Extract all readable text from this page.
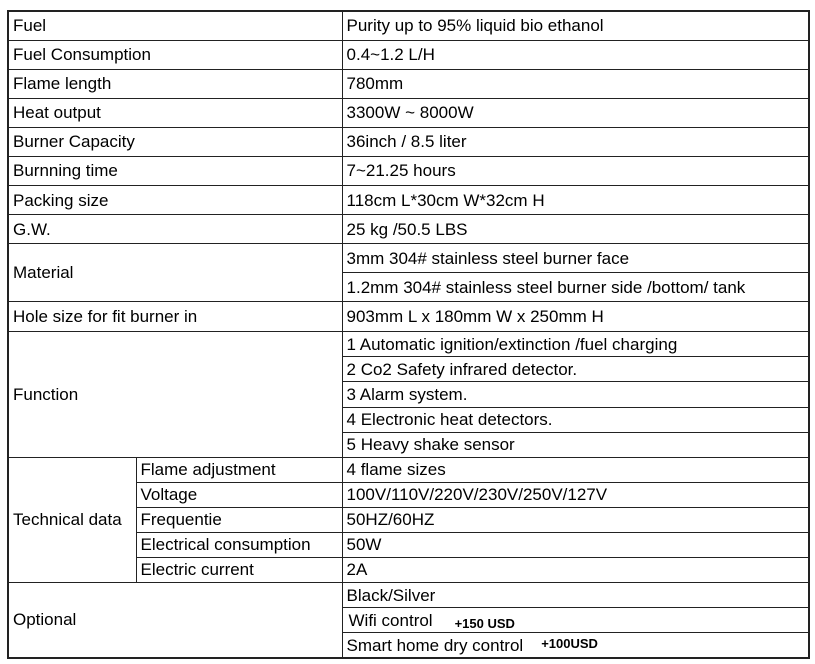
Fuel		Purity up to 95% liquid bio ethanol
Fuel Consumption		0.4~1.2 L/H
Flame length		780mm
Heat output		3300W ~ 8000W
Burner Capacity		36inch / 8.5 liter
Burnning time		7~21.25 hours
Packing size		118cm L*30cm W*32cm H
G.W.		25 kg /50.5 LBS
Material		3mm 304# stainless steel burner face
		1.2mm 304# stainless steel burner side /bottom/ tank
Hole size for fit burner in		903mm L x 180mm W x 250mm H
Function		1 Automatic ignition/extinction /fuel charging
		2 Co2 Safety infrared detector.
		3 Alarm system.
		4 Electronic heat detectors.
		5 Heavy shake sensor
Technical data	Flame adjustment	4 flame sizes
	Voltage	100V/110V/220V/230V/250V/127V
	Frequentie	50HZ/60HZ
	Electrical consumption	50W
	Electric current	2A
Optional		Black/Silver
		Wifi control +150 USD
		Smart home dry control +100USD
